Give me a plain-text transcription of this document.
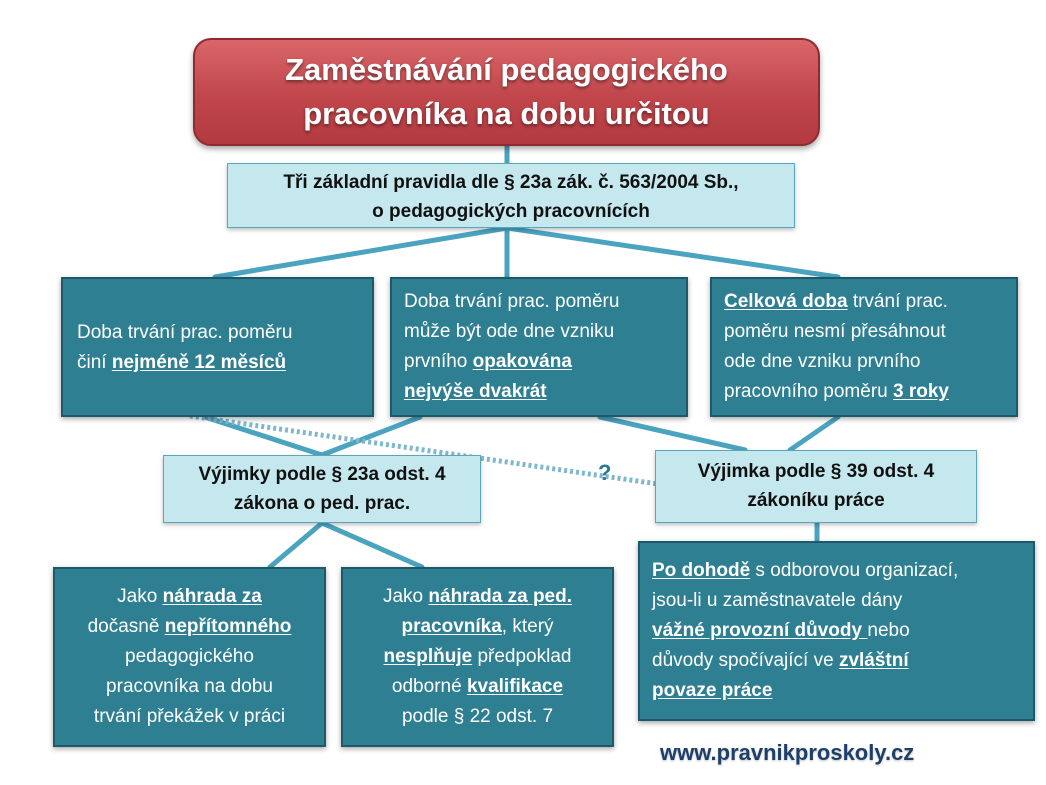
Zaměstnávání pedagogického
pracovníka na dobu určitou
Tři základní pravidla dle § 23a zák. č. 563/2004 Sb.,
o pedagogických pracovnících
Doba trvání prac. poměru
činí nejméně 12 měsíců
Doba trvání prac. poměru
může být ode dne vzniku
prvního opakována
nejvýše dvakrát
Celková doba trvání prac.
poměru nesmí přesáhnout
ode dne vzniku prvního
pracovního poměru 3 roky
Výjimky podle § 23a odst. 4
zákona o ped. prac.
?	Výjimka podle § 39 odst. 4
zákoníku práce
Jako náhrada za
dočasně nepřítomného
pedagogického
pracovníka na dobu
trvání překážek v práci
Jako náhrada za ped.
pracovníka, který
nesplňuje předpoklad
odborné kvalifikace
podle § 22 odst. 7
Po dohodě s odborovou organizací,
jsou-li u zaměstnavatele dány
vážné provozní důvody nebo
důvody spočívající ve zvláštní
povaze práce
www.pravnikproskoly.cz
